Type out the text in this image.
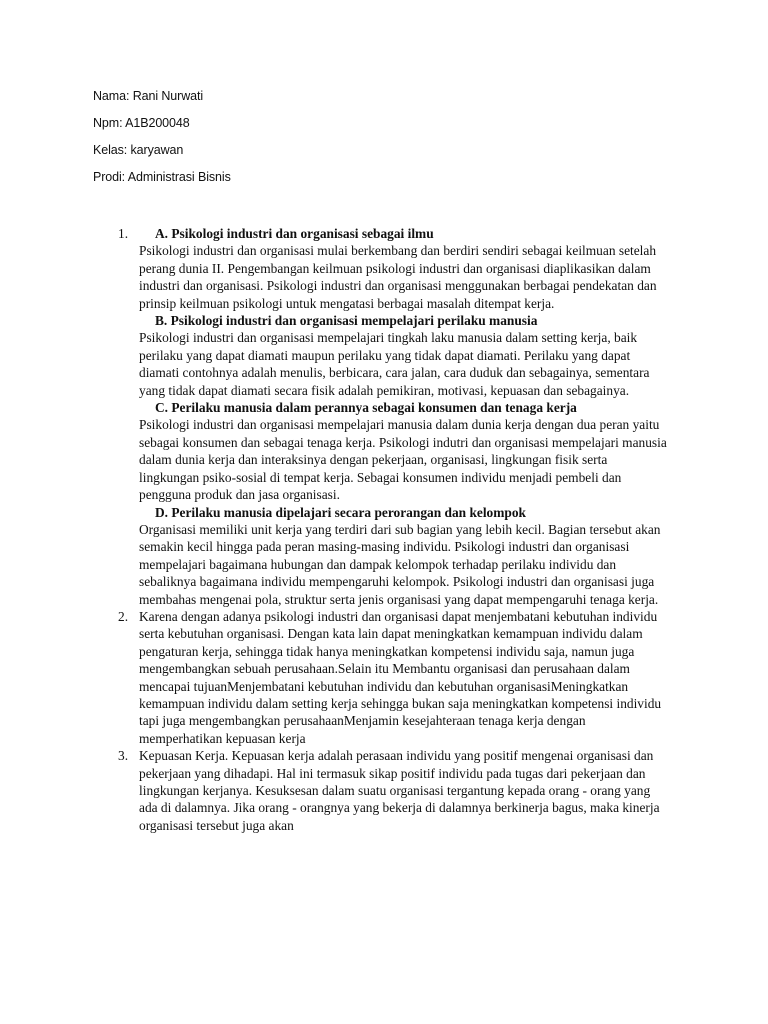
Nama: Rani Nurwati
Npm: A1B200048
Kelas: karyawan
Prodi: Administrasi Bisnis
1.	A. Psikologi industri dan organisasi sebagai ilmu
Psikologi industri dan organisasi mulai berkembang dan berdiri sendiri sebagai keilmuan setelah perang dunia II. Pengembangan keilmuan psikologi industri dan organisasi diaplikasikan dalam industri dan organisasi. Psikologi industri dan organisasi menggunakan berbagai pendekatan dan prinsip keilmuan psikologi untuk mengatasi berbagai masalah ditempat kerja.
B. Psikologi industri dan organisasi mempelajari perilaku manusia
Psikologi industri dan organisasi mempelajari tingkah laku manusia dalam setting kerja, baik perilaku yang dapat diamati maupun perilaku yang tidak dapat diamati. Perilaku yang dapat diamati contohnya adalah menulis, berbicara, cara jalan, cara duduk dan sebagainya, sementara yang tidak dapat diamati secara fisik adalah pemikiran, motivasi, kepuasan dan sebagainya.
C. Perilaku manusia dalam perannya sebagai konsumen dan tenaga kerja
Psikologi industri dan organisasi mempelajari manusia dalam dunia kerja dengan dua peran yaitu sebagai konsumen dan sebagai tenaga kerja. Psikologi indutri dan organisasi mempelajari manusia dalam dunia kerja dan interaksinya dengan pekerjaan, organisasi, lingkungan fisik serta lingkungan psiko-sosial di tempat kerja. Sebagai konsumen individu menjadi pembeli dan pengguna produk dan jasa organisasi.
D. Perilaku manusia dipelajari secara perorangan dan kelompok
Organisasi memiliki unit kerja yang terdiri dari sub bagian yang lebih kecil. Bagian tersebut akan semakin kecil hingga pada peran masing-masing individu. Psikologi industri dan organisasi mempelajari bagaimana hubungan dan dampak kelompok terhadap perilaku individu dan sebaliknya bagaimana individu mempengaruhi kelompok. Psikologi industri dan organisasi juga membahas mengenai pola, struktur serta jenis organisasi yang dapat mempengaruhi tenaga kerja.
2. Karena dengan adanya psikologi industri dan organisasi dapat menjembatani kebutuhan individu serta kebutuhan organisasi. Dengan kata lain dapat meningkatkan kemampuan individu dalam pengaturan kerja, sehingga tidak hanya meningkatkan kompetensi individu saja, namun juga mengembangkan sebuah perusahaan.Selain itu Membantu organisasi dan perusahaan dalam mencapai tujuanMenjembatani kebutuhan individu dan kebutuhan organisasiMeningkatkan kemampuan individu dalam setting kerja sehingga bukan saja meningkatkan kompetensi individu tapi juga mengembangkan perusahaanMenjamin kesejahteraan tenaga kerja dengan memperhatikan kepuasan kerja
3. Kepuasan Kerja. Kepuasan kerja adalah perasaan individu yang positif mengenai organisasi dan pekerjaan yang dihadapi. Hal ini termasuk sikap positif individu pada tugas dari pekerjaan dan lingkungan kerjanya. Kesuksesan dalam suatu organisasi tergantung kepada orang - orang yang ada di dalamnya. Jika orang - orangnya yang bekerja di dalamnya berkinerja bagus, maka kinerja organisasi tersebut juga akan
